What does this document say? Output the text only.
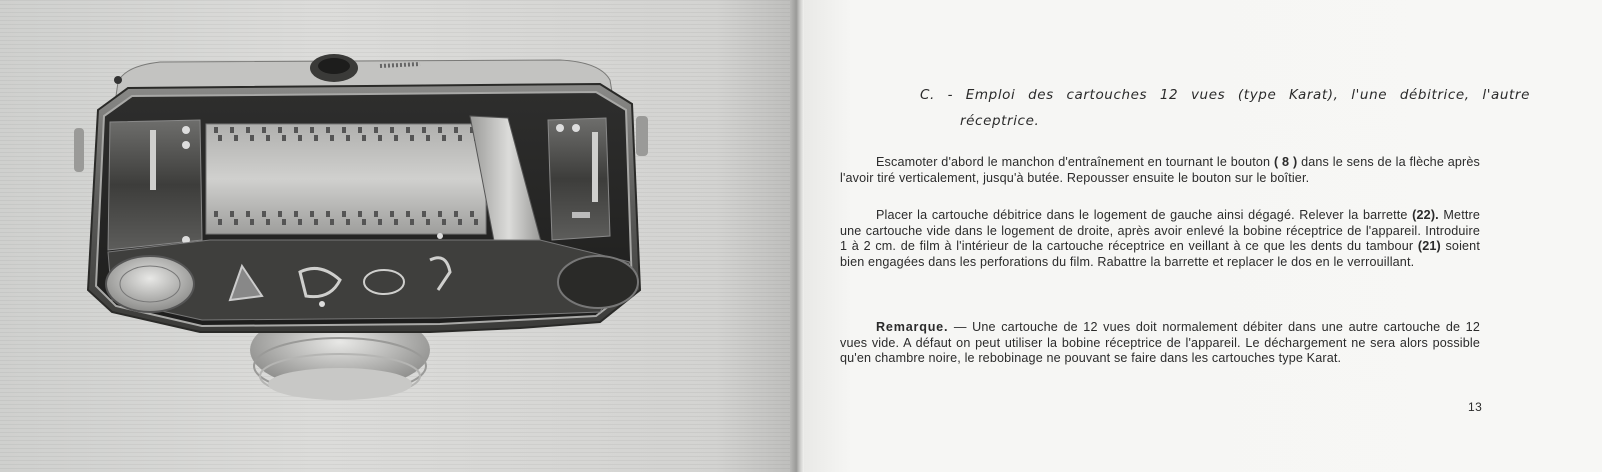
C. - Emploi des cartouches 12 vues (type Karat), l'une débitrice, l'autre
réceptrice.

Escamoter d'abord le manchon d'entraînement en tournant le bouton ( 8 ) dans le sens de la flèche après l'avoir tiré verticalement, jusqu'à butée. Repousser ensuite le bouton sur le boîtier.

Placer la cartouche débitrice dans le logement de gauche ainsi dégagé. Relever la barrette (22). Mettre une cartouche vide dans le logement de droite, après avoir enlevé la bobine réceptrice de l'appareil. Introduire 1 à 2 cm. de film à l'intérieur de la cartouche réceptrice en veillant à ce que les dents du tambour (21) soient bien engagées dans les perforations du film. Rabattre la barrette et replacer le dos en le verrouillant.

Remarque. — Une cartouche de 12 vues doit normalement débiter dans une autre cartouche de 12 vues vide. A défaut on peut utiliser la bobine réceptrice de l'appareil. Le déchargement ne sera alors possible qu'en chambre noire, le rebobinage ne pouvant se faire dans les cartouches type Karat.

13
